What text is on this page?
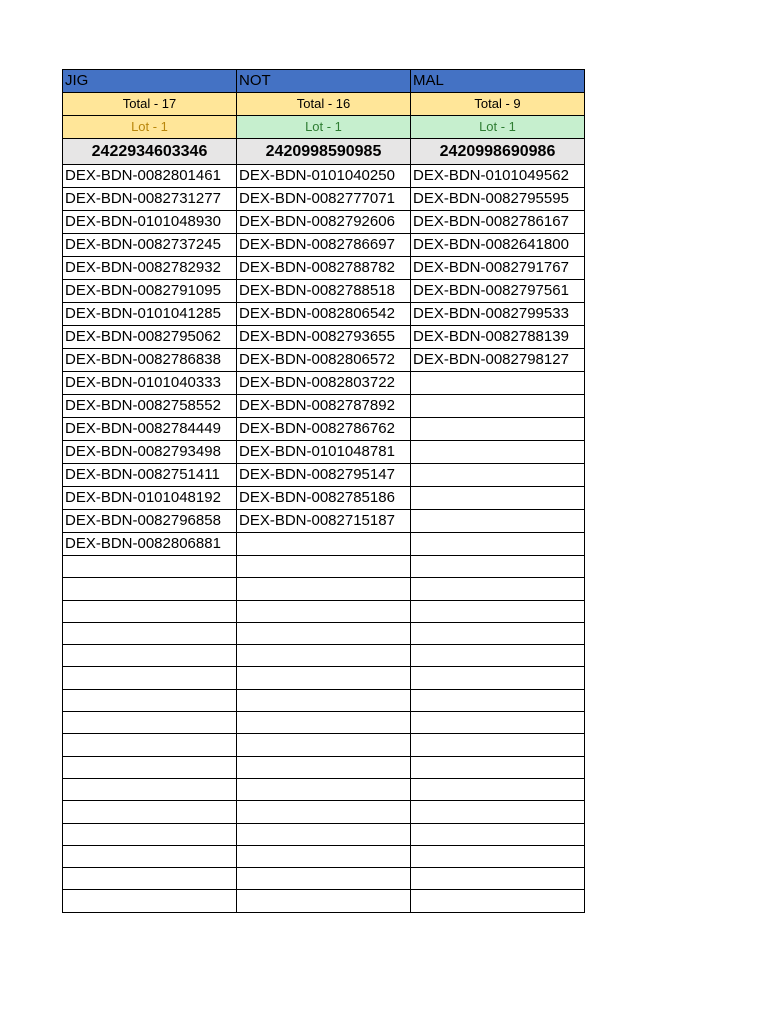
JIG	NOT	MAL
Total - 17	Total - 16	Total - 9
Lot - 1	Lot - 1	Lot - 1
2422934603346	2420998590985	2420998690986
DEX-BDN-0082801461	DEX-BDN-0101040250	DEX-BDN-0101049562
DEX-BDN-0082731277	DEX-BDN-0082777071	DEX-BDN-0082795595
DEX-BDN-0101048930	DEX-BDN-0082792606	DEX-BDN-0082786167
DEX-BDN-0082737245	DEX-BDN-0082786697	DEX-BDN-0082641800
DEX-BDN-0082782932	DEX-BDN-0082788782	DEX-BDN-0082791767
DEX-BDN-0082791095	DEX-BDN-0082788518	DEX-BDN-0082797561
DEX-BDN-0101041285	DEX-BDN-0082806542	DEX-BDN-0082799533
DEX-BDN-0082795062	DEX-BDN-0082793655	DEX-BDN-0082788139
DEX-BDN-0082786838	DEX-BDN-0082806572	DEX-BDN-0082798127
DEX-BDN-0101040333	DEX-BDN-0082803722	
DEX-BDN-0082758552	DEX-BDN-0082787892	
DEX-BDN-0082784449	DEX-BDN-0082786762	
DEX-BDN-0082793498	DEX-BDN-0101048781	
DEX-BDN-0082751411	DEX-BDN-0082795147	
DEX-BDN-0101048192	DEX-BDN-0082785186	
DEX-BDN-0082796858	DEX-BDN-0082715187	
DEX-BDN-0082806881		
